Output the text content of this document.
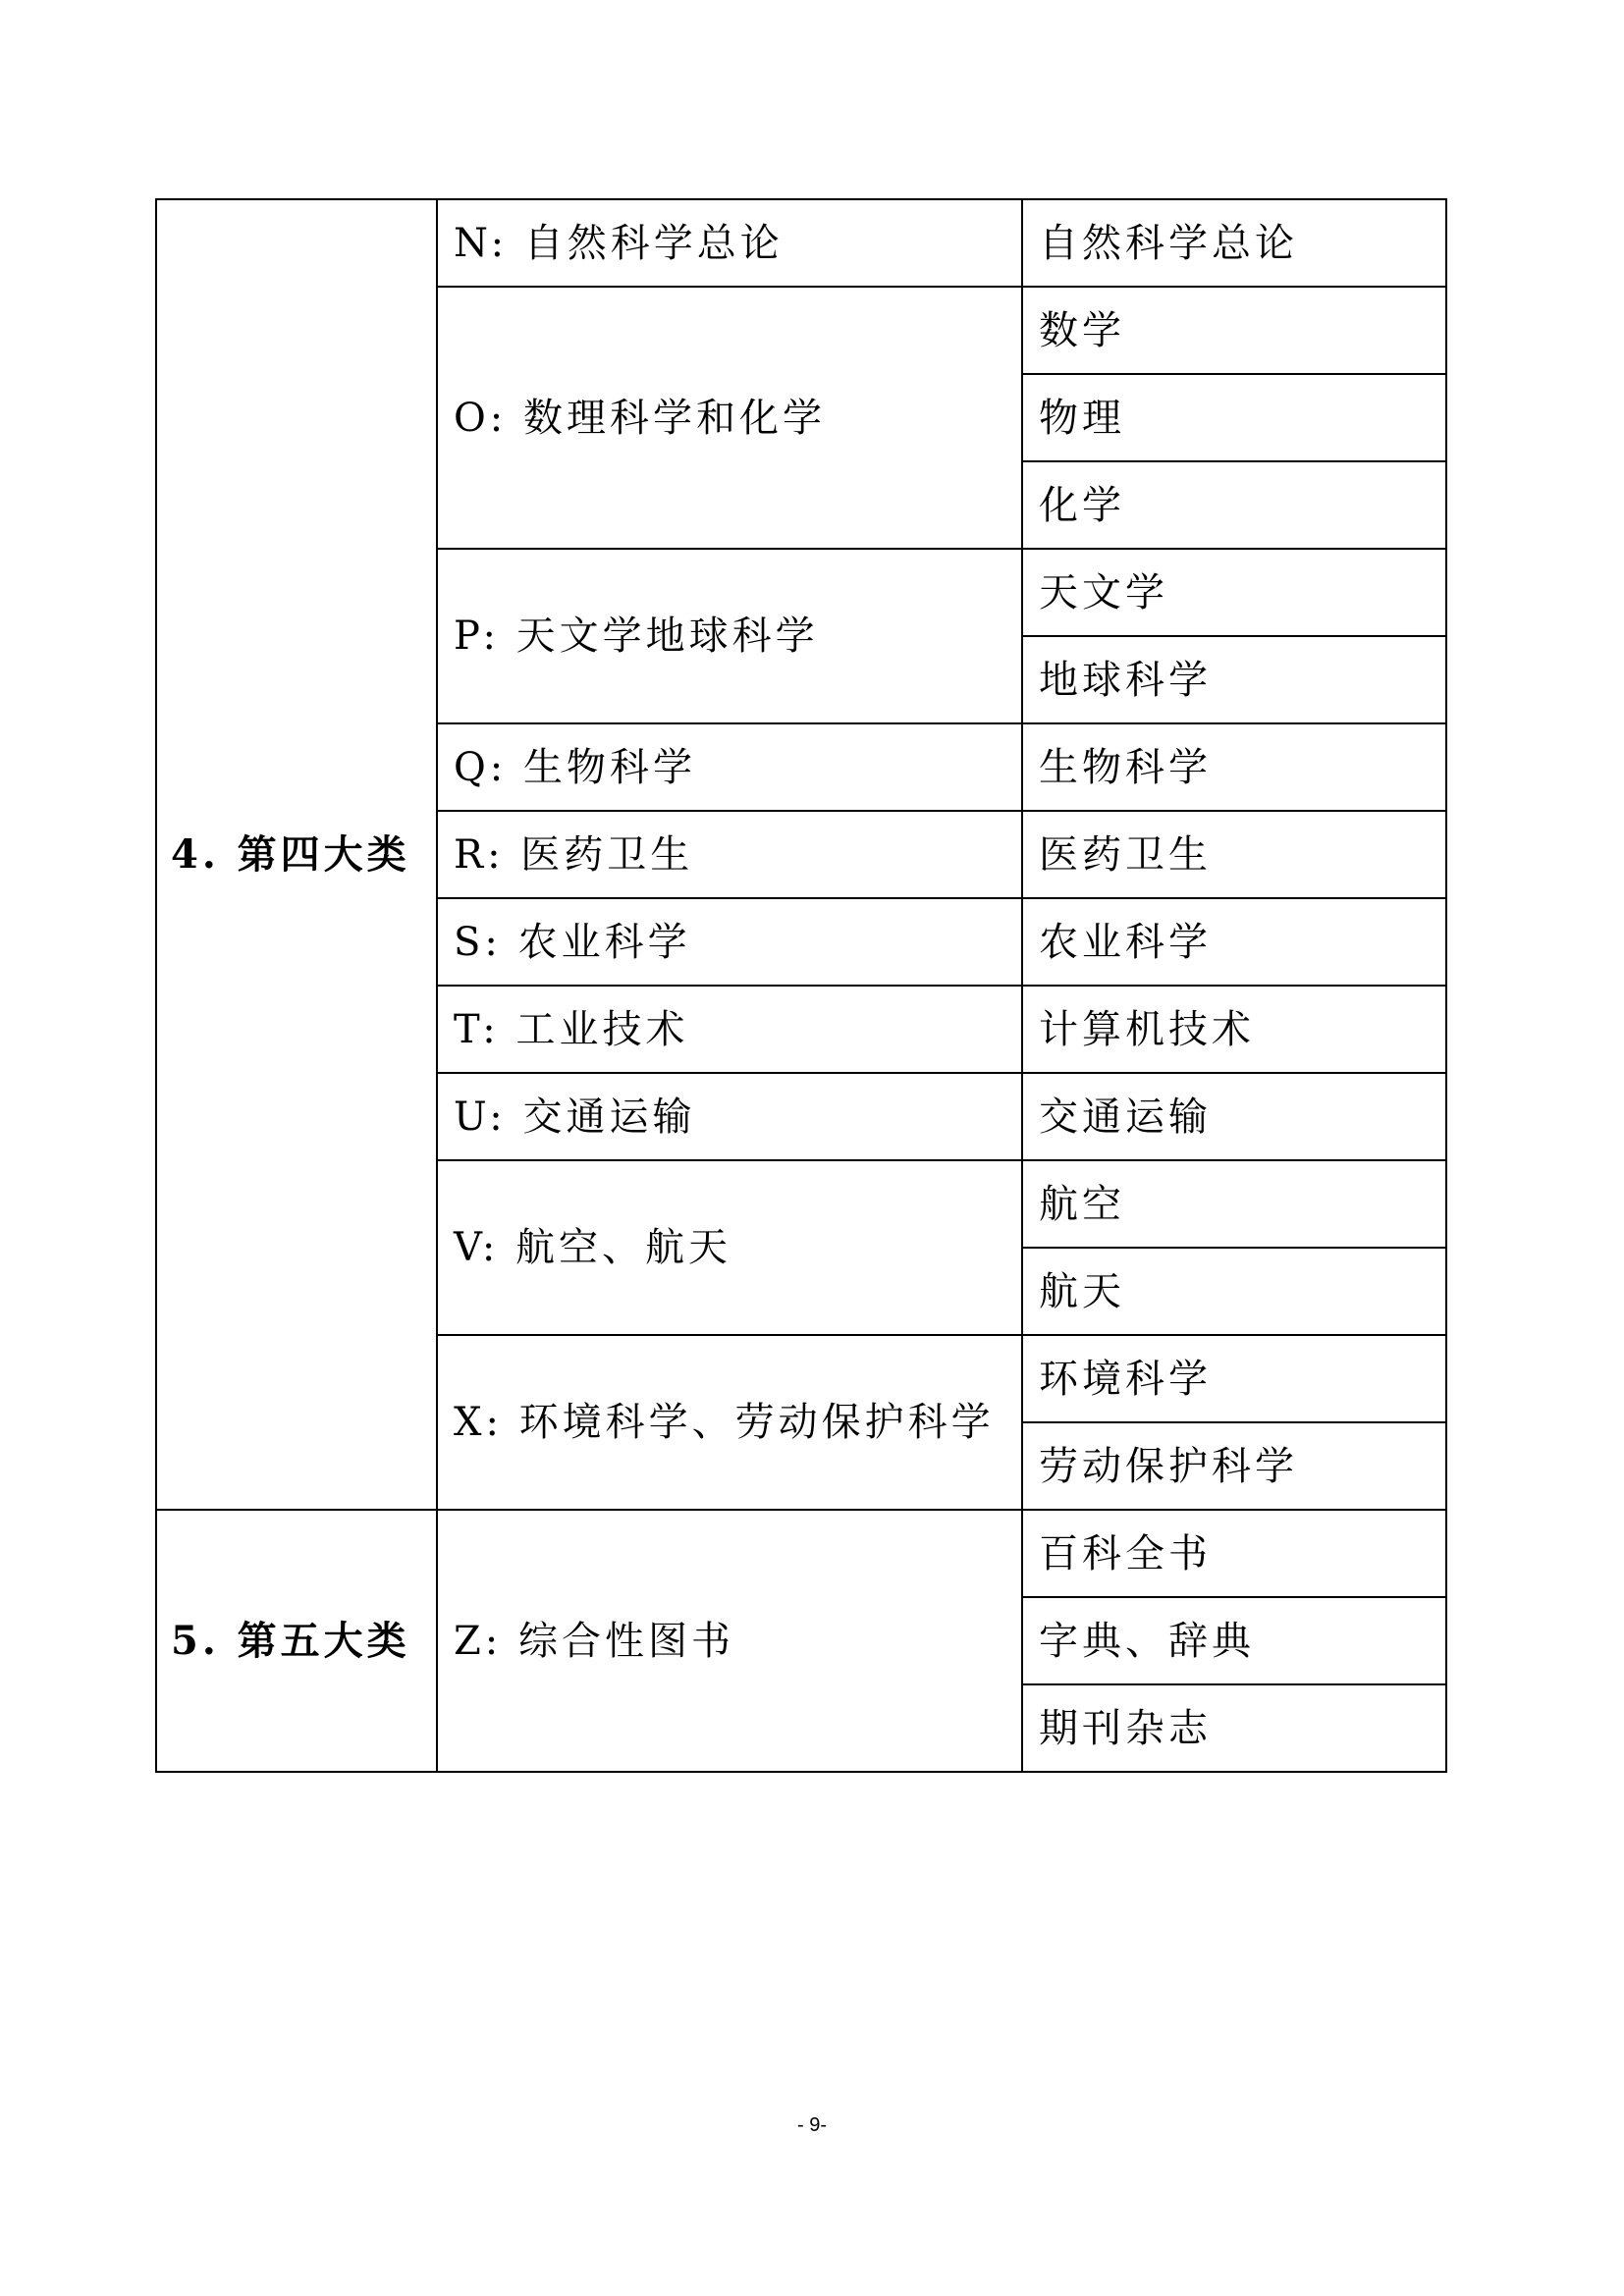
4. 第四大类	N: 自然科学总论	自然科学总论
	O: 数理科学和化学	数学
		物理
		化学
	P: 天文学地球科学	天文学
		地球科学
	Q: 生物科学	生物科学
	R: 医药卫生	医药卫生
	S: 农业科学	农业科学
	T: 工业技术	计算机技术
	U: 交通运输	交通运输
	V: 航空、航天	航空
		航天
	X: 环境科学、劳动保护科学	环境科学
		劳动保护科学
5. 第五大类	Z: 综合性图书	百科全书
		字典、辞典
		期刊杂志
- 9-
